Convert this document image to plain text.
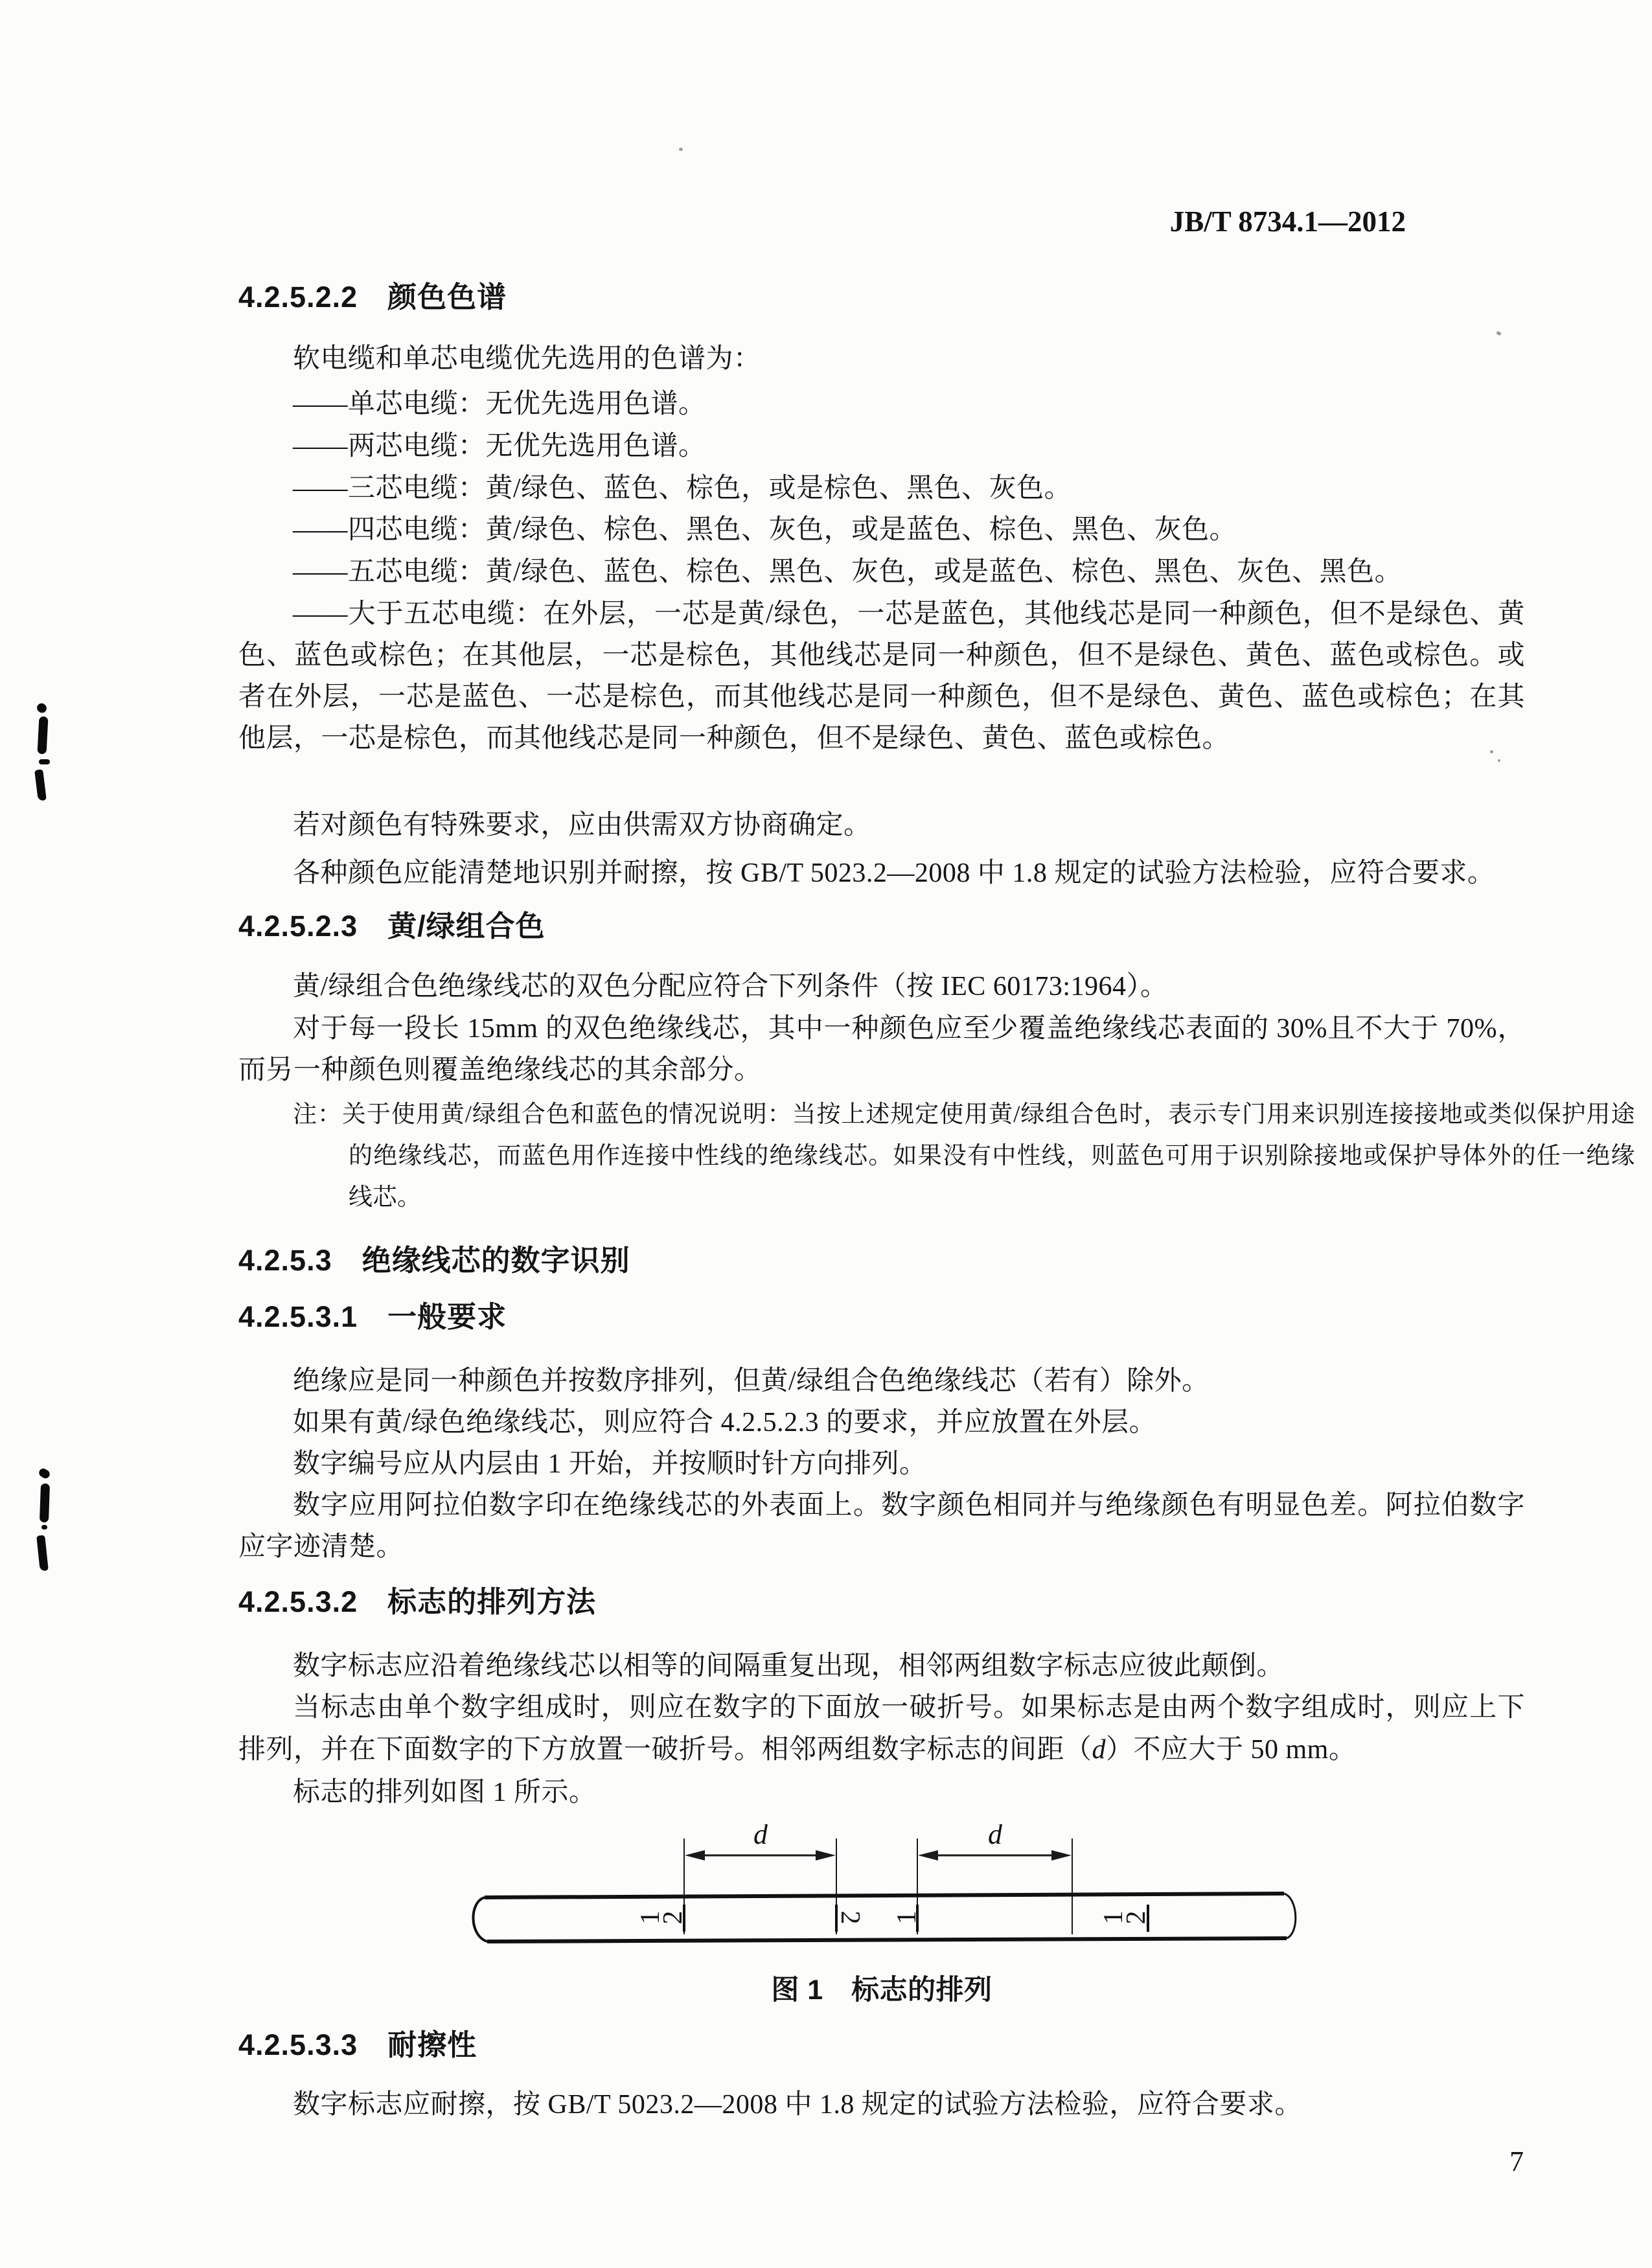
JB/T 8734.1—2012
4.2.5.2.2　颜色色谱
软电缆和单芯电缆优先选用的色谱为：
——单芯电缆：无优先选用色谱。
——两芯电缆：无优先选用色谱。
——三芯电缆：黄/绿色、蓝色、棕色，或是棕色、黑色、灰色。
——四芯电缆：黄/绿色、棕色、黑色、灰色，或是蓝色、棕色、黑色、灰色。
——五芯电缆：黄/绿色、蓝色、棕色、黑色、灰色，或是蓝色、棕色、黑色、灰色、黑色。
——大于五芯电缆：在外层，一芯是黄/绿色，一芯是蓝色，其他线芯是同一种颜色，但不是绿色、黄色、蓝色或棕色；在其他层，一芯是棕色，其他线芯是同一种颜色，但不是绿色、黄色、蓝色或棕色。或者在外层，一芯是蓝色、一芯是棕色，而其他线芯是同一种颜色，但不是绿色、黄色、蓝色或棕色；在其他层，一芯是棕色，而其他线芯是同一种颜色，但不是绿色、黄色、蓝色或棕色。
若对颜色有特殊要求，应由供需双方协商确定。
各种颜色应能清楚地识别并耐擦，按 GB/T 5023.2—2008 中 1.8 规定的试验方法检验，应符合要求。
4.2.5.2.3　黄/绿组合色
黄/绿组合色绝缘线芯的双色分配应符合下列条件（按 IEC 60173:1964）。
对于每一段长 15mm 的双色绝缘线芯，其中一种颜色应至少覆盖绝缘线芯表面的 30%且不大于 70%，而另一种颜色则覆盖绝缘线芯的其余部分。
注：关于使用黄/绿组合色和蓝色的情况说明：当按上述规定使用黄/绿组合色时，表示专门用来识别连接接地或类似保护用途的绝缘线芯，而蓝色用作连接中性线的绝缘线芯。如果没有中性线，则蓝色可用于识别除接地或保护导体外的任一绝缘线芯。
4.2.5.3　绝缘线芯的数字识别
4.2.5.3.1　一般要求
绝缘应是同一种颜色并按数序排列，但黄/绿组合色绝缘线芯（若有）除外。
如果有黄/绿色绝缘线芯，则应符合 4.2.5.2.3 的要求，并应放置在外层。
数字编号应从内层由 1 开始，并按顺时针方向排列。
数字应用阿拉伯数字印在绝缘线芯的外表面上。数字颜色相同并与绝缘颜色有明显色差。阿拉伯数字应字迹清楚。
4.2.5.3.2　标志的排列方法
数字标志应沿着绝缘线芯以相等的间隔重复出现，相邻两组数字标志应彼此颠倒。
当标志由单个数字组成时，则应在数字的下面放一破折号。如果标志是由两个数字组成时，则应上下排列，并在下面数字的下方放置一破折号。相邻两组数字标志的间距（d）不应大于 50 mm。
标志的排列如图 1 所示。
d	d
1
2	2 1	1
2
图 1　标志的排列
4.2.5.3.3　耐擦性
数字标志应耐擦，按 GB/T 5023.2—2008 中 1.8 规定的试验方法检验，应符合要求。
7
